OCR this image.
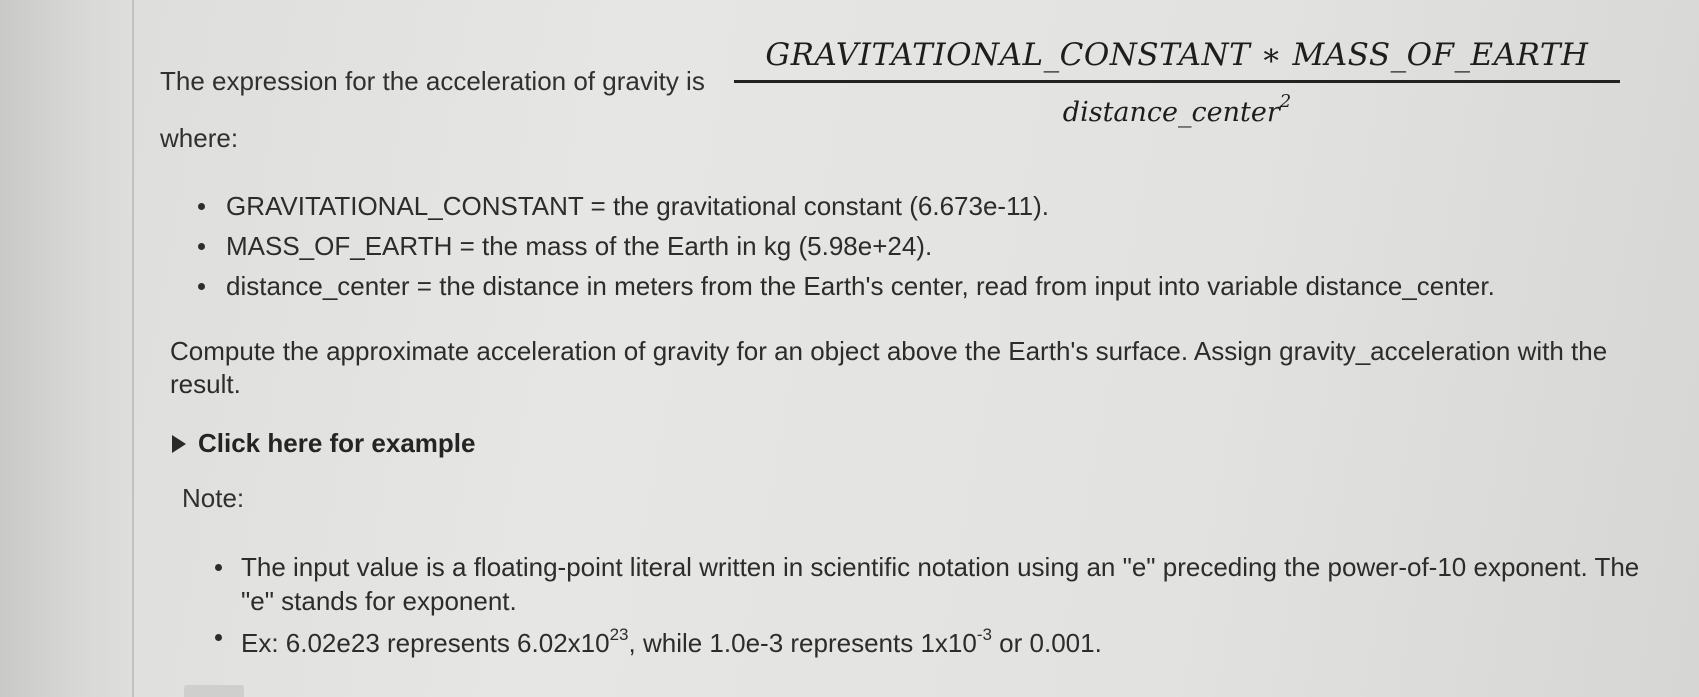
The expression for the acceleration of gravity is
GRAVITATIONAL_CONSTANT ∗ MASS_OF_EARTH
distance_center$^2$
where:
GRAVITATIONAL_CONSTANT = the gravitational constant (6.673e-11).
MASS_OF_EARTH = the mass of the Earth in kg (5.98e+24).
distance_center = the distance in meters from the Earth's center, read from input into variable distance_center.
Compute the approximate acceleration of gravity for an object above the Earth's surface. Assign gravity_acceleration with the result.
Click here for example
Note:
The input value is a floating-point literal written in scientific notation using an "e" preceding the power-of-10 exponent. The "e" stands for exponent.
Ex: 6.02e23 represents $6.02x10^{23}$, while 1.0e-3 represents $1x10^{-3}$ or 0.001.
